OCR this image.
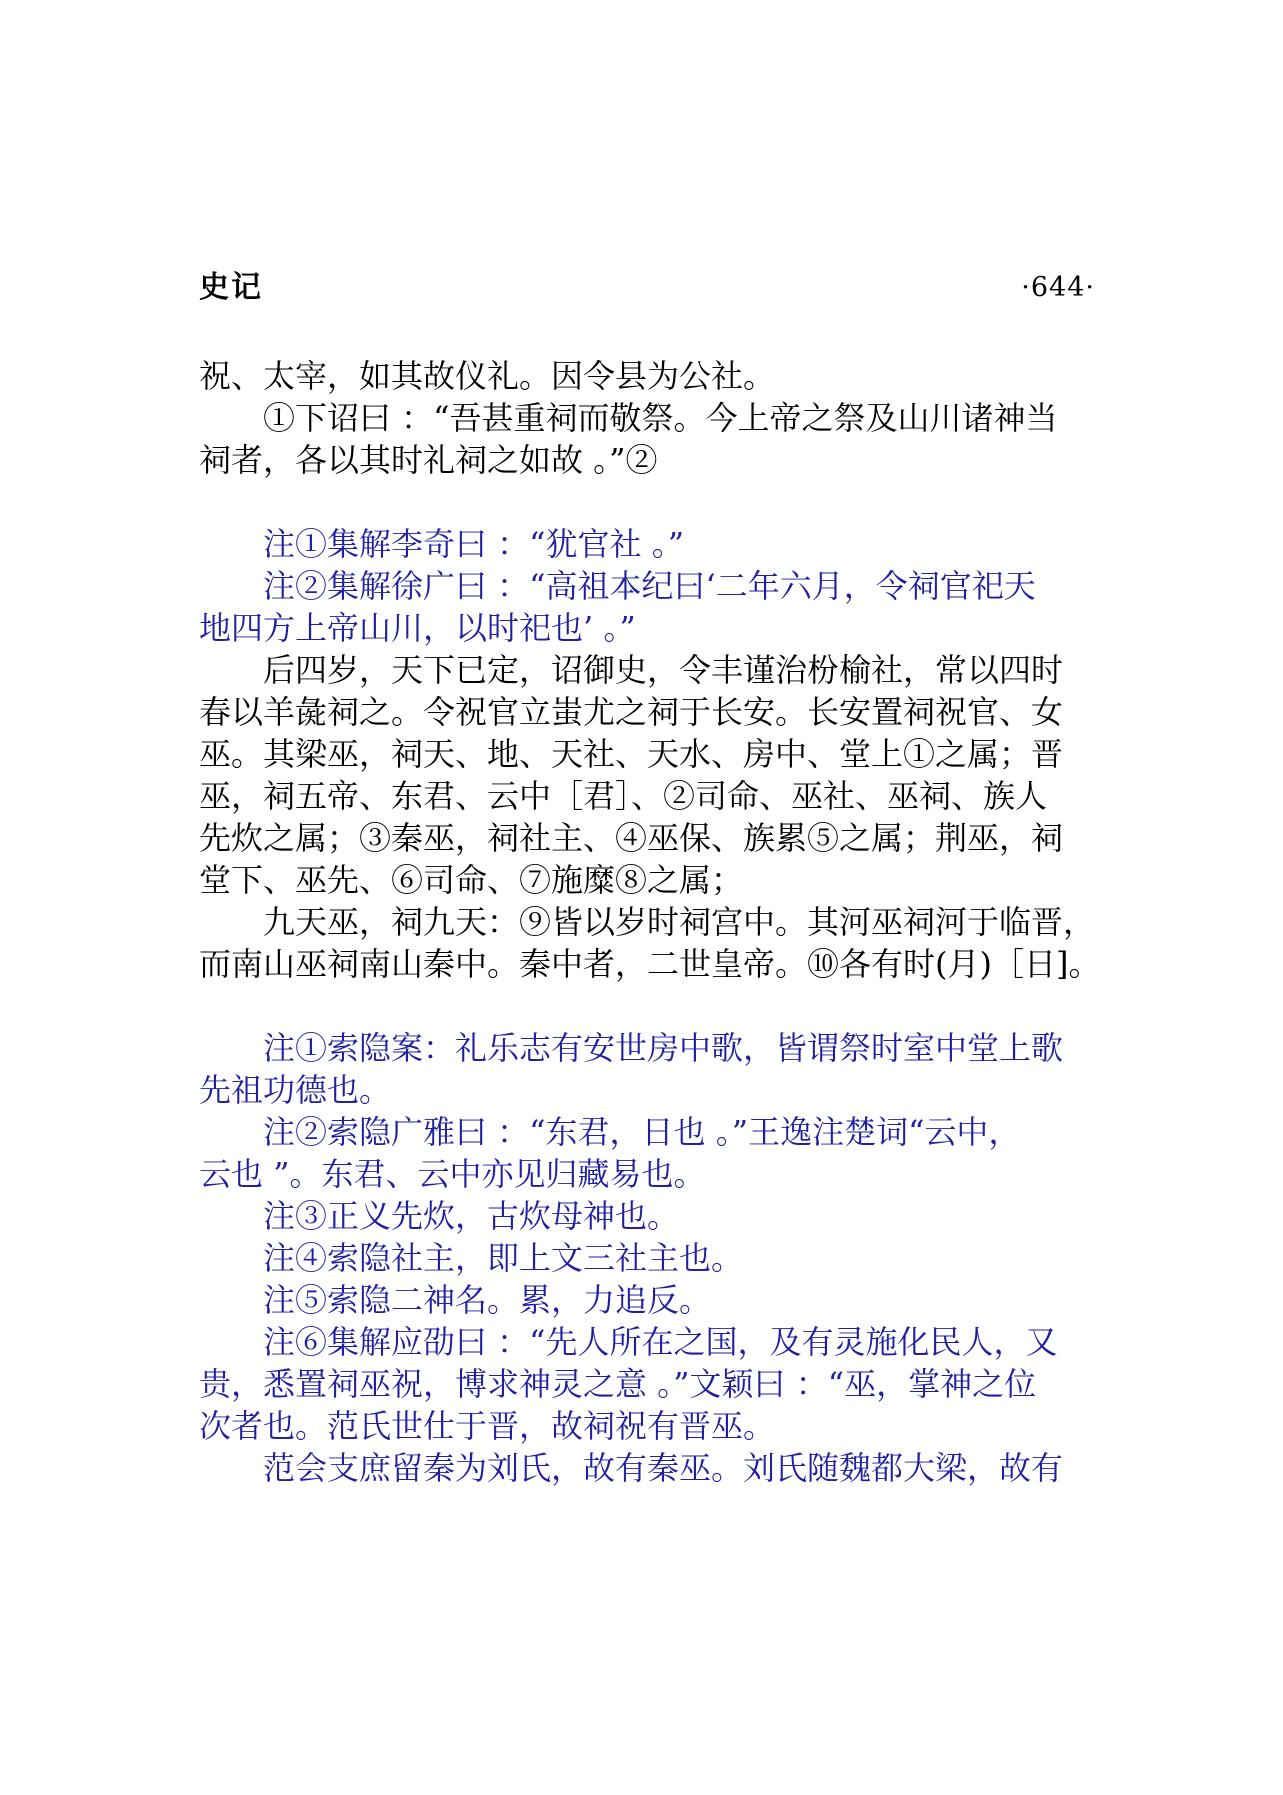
史记	·644·
祝、太宰，如其故仪礼。因令县为公社。
①下诏曰 ：“吾甚重祠而敬祭。今上帝之祭及山川诸神当
祠者，各以其时礼祠之如故 。”②
注①集解李奇曰 ：“犹官社 。”
注②集解徐广曰 ：“高祖本纪曰‘二年六月，令祠官祀天
地四方上帝山川，以时祀也’ 。”
后四岁，天下已定，诏御史，令丰谨治枌榆社，常以四时
春以羊彘祠之。令祝官立蚩尤之祠于长安。长安置祠祝官、女
巫。其梁巫，祠天、地、天社、天水、房中、堂上①之属；晋
巫，祠五帝、东君、云中［君］、②司命、巫社、巫祠、族人
先炊之属；③秦巫，祠社主、④巫保、族累⑤之属；荆巫，祠
堂下、巫先、⑥司命、⑦施糜⑧之属；
九天巫，祠九天：⑨皆以岁时祠宫中。其河巫祠河于临晋，
而南山巫祠南山秦中。秦中者，二世皇帝。⑩各有时(月)［日]。
注①索隐案：礼乐志有安世房中歌，皆谓祭时室中堂上歌
先祖功德也。
注②索隐广雅曰 ：“东君，日也 。”王逸注楚词“云中，
云也 ”。东君、云中亦见归藏易也。
注③正义先炊，古炊母神也。
注④索隐社主，即上文三社主也。
注⑤索隐二神名。累，力追反。
注⑥集解应劭曰 ：“先人所在之国，及有灵施化民人，又
贵，悉置祠巫祝，博求神灵之意 。”文颖曰 ：“巫，掌神之位
次者也。范氏世仕于晋，故祠祝有晋巫。
范会支庶留秦为刘氏，故有秦巫。刘氏随魏都大梁，故有
